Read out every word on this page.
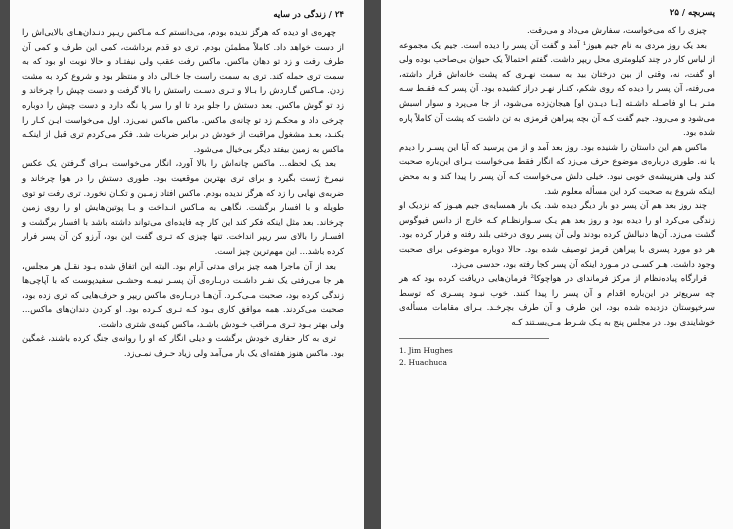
۲۴ / زندگی در سایه

چهره‌ی او دیده که هرگز ندیده بودم، می‌دانستم کـه مـاکس ریـپر دنـدان‌هـای بالایی‌اش را از دست خواهد داد. کاملاً مطمئن بودم. تری دو قدم برداشت، کمی این طرف و کمی آن طرف رفت و زد تو دهان ماکس. ماکس رفت عقب ولی نیفتـاد و حالا نوبت او بود که به سمت تری حمله کند. تری به سمت راست جا خـالی داد و منتظر بود و شروع کرد به مشت زدن. مـاکس گـاردش را بـالا و تـری دسـت راستش را بالا گرفت و دست چپش را چرخاند و زد تو گوش ماکس. بعد دستش را جلو برد تا او را سر پا نگه دارد و دست چپش را دوباره چرخی داد و محکـم زد تو چانه‌ی ماکس. ماکس ماکس نمی‌زد. اول می‌خواست ایـن کـار را بکنـد، بعـد مشغول مراقبت از خودش در برابر ضربات شد. فکر می‌کردم تری قبل از اینکـه ماکس به زمین بیفتد دیگر بی‌خیال می‌شود.

بعد یک لحظه... ماکس چانه‌اش را بالا آورد، انگار می‌خواست بـرای گـرفتن یک عکس نیمرخ ژست بگیرد و برای تری بهترین موقعیت بود. طوری دستش را در هوا چرخاند و ضربه‌ی نهایی را زد که هرگز ندیده بودم. ماکس افتاد زمـین و تکـان نخورد. تری رفت تو توی طویله و با افسار برگشت. نگاهی به مـاکس انـداخت و بـا پوتین‌هایش او را روی زمین چرخاند. بعد مثل اینکه فکر کند این کار چه فایده‌ای می‌تواند داشته باشد با افسار برگشت و افسـار را بالای سر ریپر انداخت. تنها چیزی که تـری گفت این بود، آرزو کن آن پسر فرار کرده باشد... این مهم‌ترین چیز است.

بعد از آن ماجرا همه چیز برای مدتی آرام بود. البته این اتفاق شده بـود نقـل هر مجلس، هر جا می‌رفتی یک نفـر داشـت دربـاره‌ی آن پسـر نیمـه وحشـی سفیدپوست که با آپاچی‌ها زندگی کرده بود، صحبت مـی‌کـرد. آن‌هـا دربـاره‌ی ماکس ریپر و حرف‌هایی که تری زده بود، صحبت می‌کردند. همه موافق کاری بـود کـه تـری کـرده بود. او کردن دندان‌های ماکس... ولی بهتر بـود تـری مـراقب خـودش باشـد، ماکس کینه‌ی شتری داشت.

تری به کار حفاری خودش برگشت و دیلی انگار که او را روانه‌ی جنگ کرده باشند، غمگین بود. ماکس هنوز هفته‌ای یک بار می‌آمد ولی زیاد حـرف نمـی‌زد.

پسربچه / ۲۵

چیزی را که می‌خواست، سفارش می‌داد و می‌رفت.

بعد یک روز مردی به نام جیم هیوز¹ آمد و گفت آن پسر را دیده است. جیم یک مجموعه از لباس کار در چند کیلومتری محل ریپر داشت. گفتم احتمالاً یک حیوان بی‌صاحب بوده ولی او گفت، نه، وقتی از بین درختان بید به سمت نهـری که پشت خانه‌اش قرار داشته، می‌رفته، آن پسر را دیده که روی شکم، کنـار نهـر دراز کشیده بود. آن پسر کـه فقـط سـه متـر بـا او فاصـله داشـته [بـا دیـدن او] هیجان‌زده می‌شود، از جا می‌پرد و سوار اسبش می‌شود و می‌رود. جیم گفت کـه آن بچه پیراهن قرمزی به تن داشت که پشت آن کاملاً پاره شده بود.

ماکس هم این داستان را شنیده بود. روز بعد آمد و از من پرسید که آیا این پسـر را دیدم یا نه. طوری درباره‌ی موضوع حرف می‌زد که انگار فقط می‌خواست بـرای این‌باره صحبت کند ولی هنرپیشه‌ی خوبی نبود. خیلی دلش می‌خواست کـه آن پسر را پیدا کند و به محض اینکه شروع به صحبت کرد این مسأله معلوم شد.

چند روز بعد هم آن پسر دو بار دیگر دیده شد. یک بار همسایه‌ی جیم هیـوز که نزدیک او زندگی می‌کرد او را دیده بود و روز بعد هم یـک سـوارنظـام کـه خارج از دانس فیوگوس گشت می‌زد. آن‌ها دنبالش کرده بودند ولی آن پسر روی درختی بلند رفته و فرار کرده بود. هر دو مورد پسری با پیراهن قرمز توصیف شده بود. حالا دوباره موضوعی برای صحبت وجود داشت. هـر کسـی در مـورد اینکه آن پسر کجا رفته بود، حدسی می‌زد.

قرارگاه پیاده‌نظام از مرکز فرماندای در هواچوکا² فرمان‌هایی دریافت کرده بود که هر چه سریع‌تر در این‌باره اقدام و آن پسر را پیدا کنند. خوب نبـود پسـری که توسط سرخپوستان دزدیده شده بود، این طرف و آن طرف بچرخـد. بـرای مقامات مسأله‌ی خوشایندی بود. در مجلس پنج به یـک شـرط مـی‌بسـتند کـه

1. Jim Hughes
2. Huachuca
